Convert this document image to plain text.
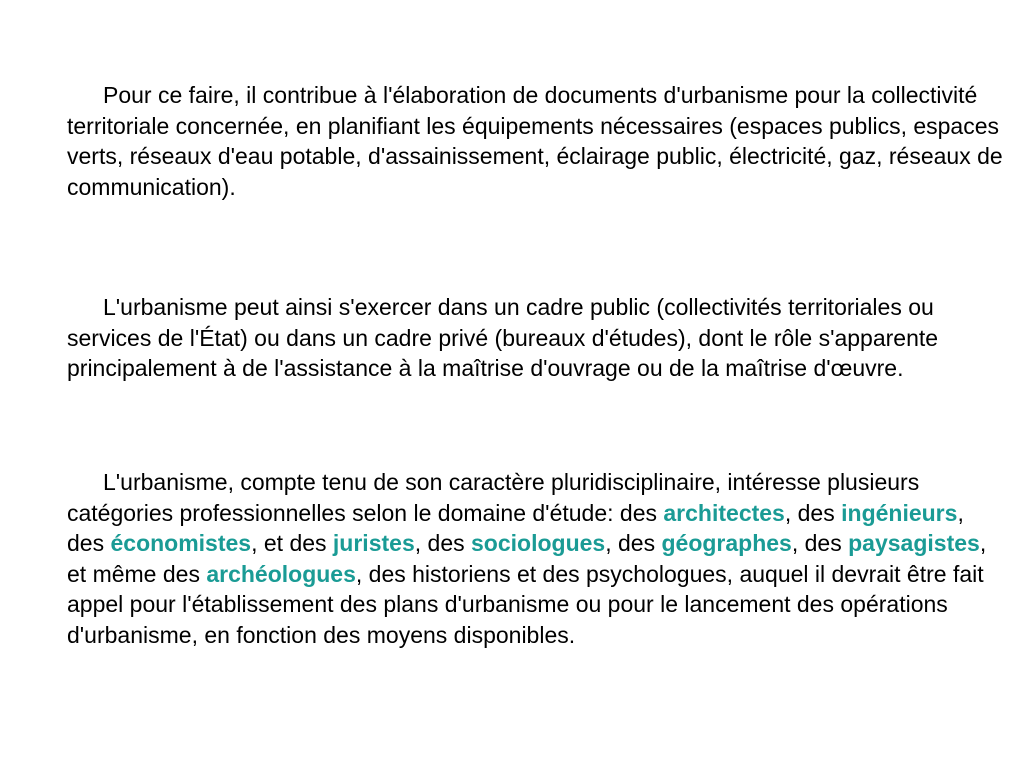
Pour ce faire, il contribue à l'élaboration de documents d'urbanisme pour la collectivité territoriale concernée, en planifiant les équipements nécessaires (espaces publics, espaces verts, réseaux d'eau potable, d'assainissement, éclairage public, électricité, gaz, réseaux de communication).

L'urbanisme peut ainsi s'exercer dans un cadre public (collectivités territoriales ou services de l'État) ou dans un cadre privé (bureaux d'études), dont le rôle s'apparente principalement à de l'assistance à la maîtrise d'ouvrage ou de la maîtrise d'œuvre.

L'urbanisme, compte tenu de son caractère pluridisciplinaire, intéresse plusieurs catégories professionnelles selon le domaine d'étude: des architectes, des ingénieurs, des économistes, et des juristes, des sociologues, des géographes, des paysagistes, et même des archéologues, des historiens et des psychologues, auquel il devrait être fait appel pour l'établissement des plans d'urbanisme ou pour le lancement des opérations d'urbanisme, en fonction des moyens disponibles.
